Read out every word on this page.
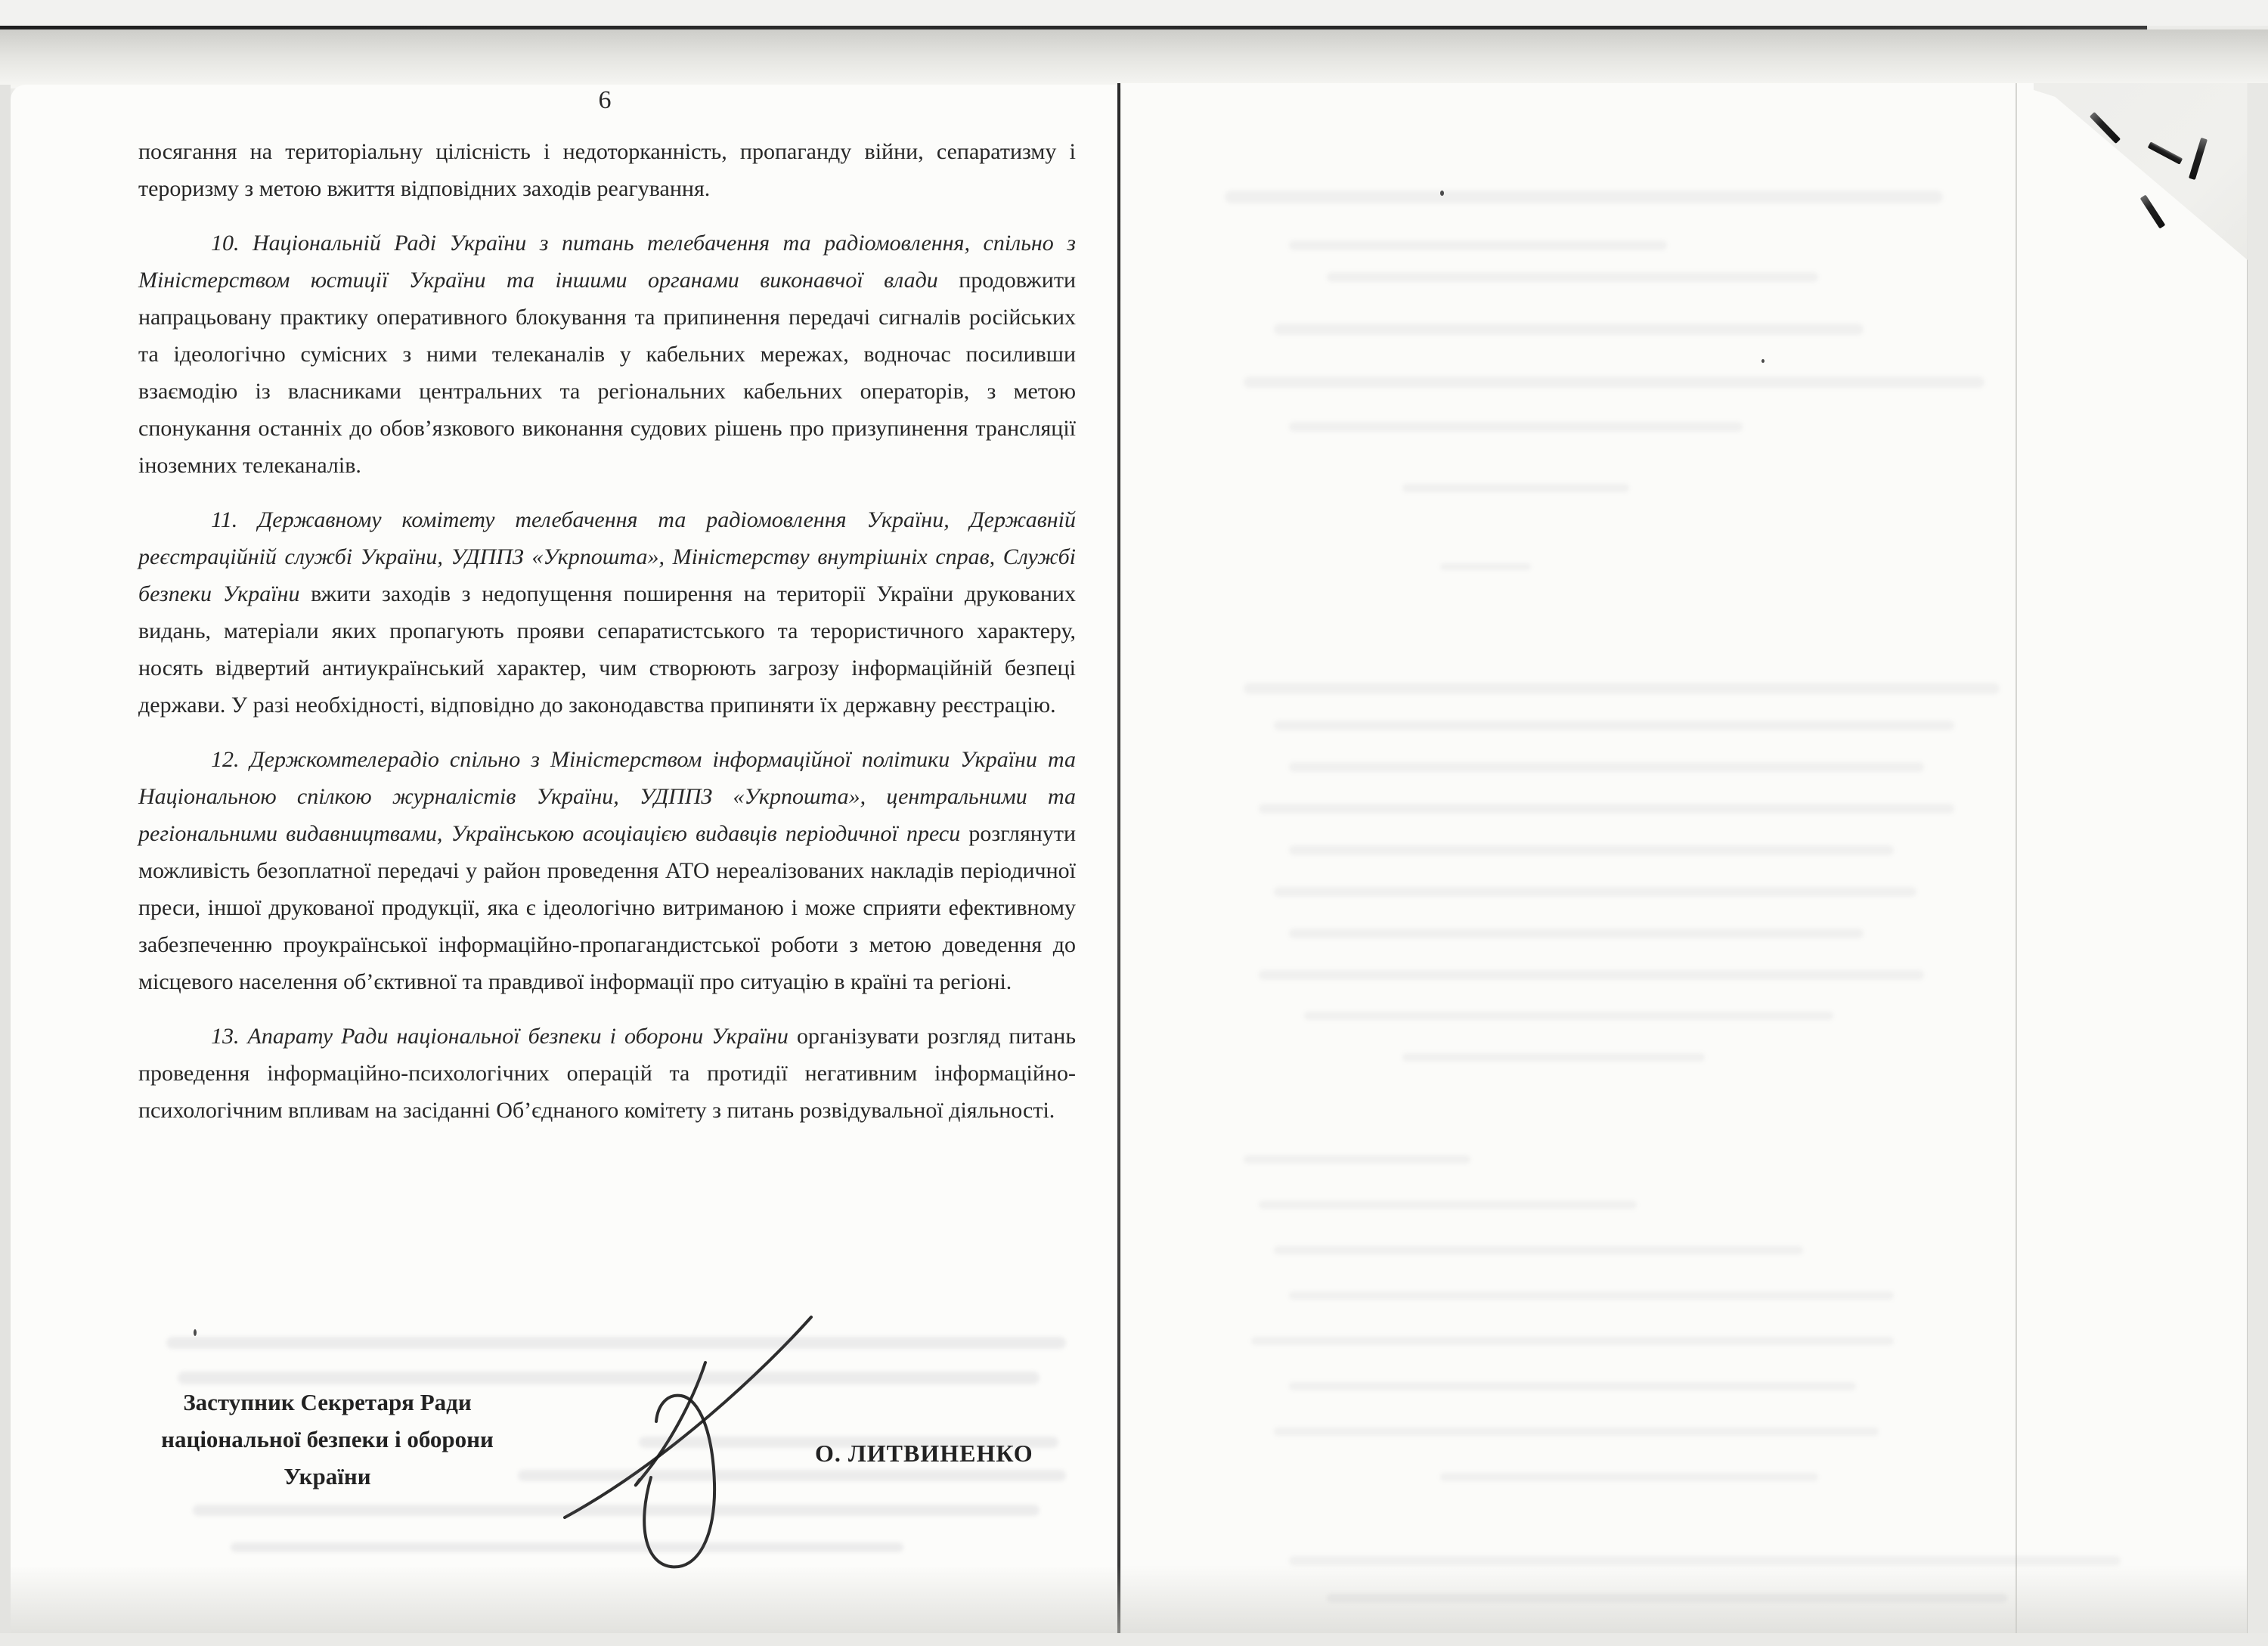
6

посягання на територіальну цілісність і недоторканність, пропаганду війни, сепаратизму і тероризму з метою вжиття відповідних заходів реагування.

10. Національній Раді України з питань телебачення та радіомовлення, спільно з Міністерством юстиції України та іншими органами виконавчої влади продовжити напрацьовану практику оперативного блокування та припинення передачі сигналів російських та ідеологічно сумісних з ними телеканалів у кабельних мережах, водночас посиливши взаємодію із власниками центральних та регіональних кабельних операторів, з метою спонукання останніх до обов’язкового виконання судових рішень про призупинення трансляції іноземних телеканалів.

11. Державному комітету телебачення та радіомовлення України, Державній реєстраційній службі України, УДППЗ «Укрпошта», Міністерству внутрішніх справ, Службі безпеки України вжити заходів з недопущення поширення на території України друкованих видань, матеріали яких пропагують прояви сепаратистського та терористичного характеру, носять відвертий антиукраїнський характер, чим створюють загрозу інформаційній безпеці держави. У разі необхідності, відповідно до законодавства припиняти їх державну реєстрацію.

12. Держкомтелерадіо спільно з Міністерством інформаційної політики України та Національною спілкою журналістів України, УДППЗ «Укрпошта», центральними та регіональними видавництвами, Українською асоціацією видавців періодичної преси розглянути можливість безоплатної передачі у район проведення АТО нереалізованих накладів періодичної преси, іншої друкованої продукції, яка є ідеологічно витриманою і може сприяти ефективному забезпеченню проукраїнської інформаційно-пропагандистської роботи з метою доведення до місцевого населення об’єктивної та правдивої інформації про ситуацію в країні та регіоні.

13. Апарату Ради національної безпеки і оборони України організувати розгляд питань проведення інформаційно-психологічних операцій та протидії негативним інформаційно-психологічним впливам на засіданні Об’єднаного комітету з питань розвідувальної діяльності.

Заступник Секретаря Ради
національної безпеки і оборони
України
О. ЛИТВИНЕНКО
